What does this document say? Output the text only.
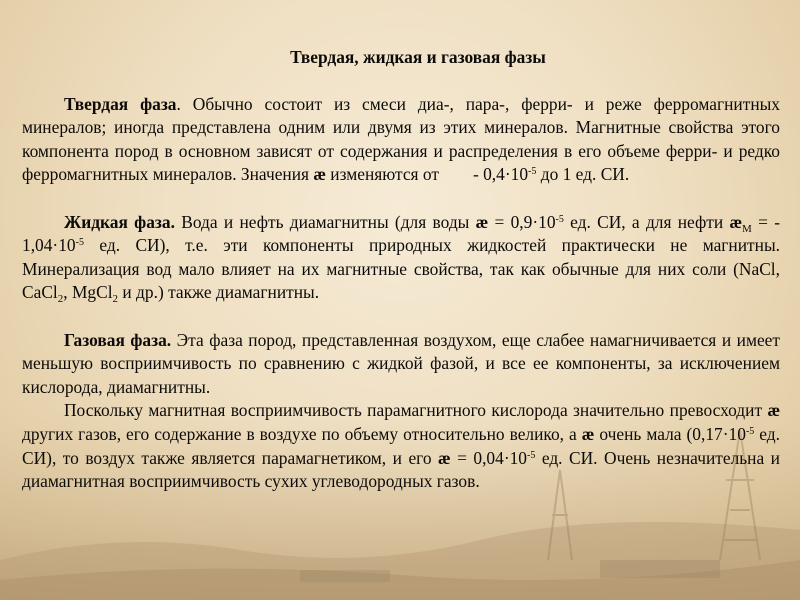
Твердая, жидкая и газовая фазы

Твердая фаза. Обычно состоит из смеси диа-, пара-, ферри- и реже ферромагнитных минералов; иногда представлена одним или двумя из этих минералов. Магнитные свойства этого компонента пород в основном зависят от содержания и распределения в его объеме ферри- и редко ферромагнитных минералов. Значения æ изменяются от - $0,4\cdot 10^{-5}$ до 1 ед. СИ.

Жидкая фаза. Вода и нефть диамагнитны (для воды æ = $0,9\cdot 10^{-5}$ ед. СИ, а для нефти $æ_М$ = - $1,04\cdot 10^{-5}$ ед. СИ), т.е. эти компоненты природных жидкостей практически не магнитны. Минерализация вод мало влияет на их магнитные свойства, так как обычные для них соли (NaCl, CaCl$_2$, MgCl$_2$ и др.) также диамагнитны.

Газовая фаза. Эта фаза пород, представленная воздухом, еще слабее намагничивается и имеет меньшую восприимчивость по сравнению с жидкой фазой, и все ее компоненты, за исключением кислорода, диамагнитны.

Поскольку магнитная восприимчивость парамагнитного кислорода значительно превосходит æ других газов, его содержание в воздухе по объему относительно велико, а æ очень мала ($0,17\cdot 10^{-5}$ ед. СИ), то воздух также является парамагнетиком, и его æ = $0,04\cdot 10^{-5}$ ед. СИ. Очень незначительна и диамагнитная восприимчивость сухих углеводородных газов.
